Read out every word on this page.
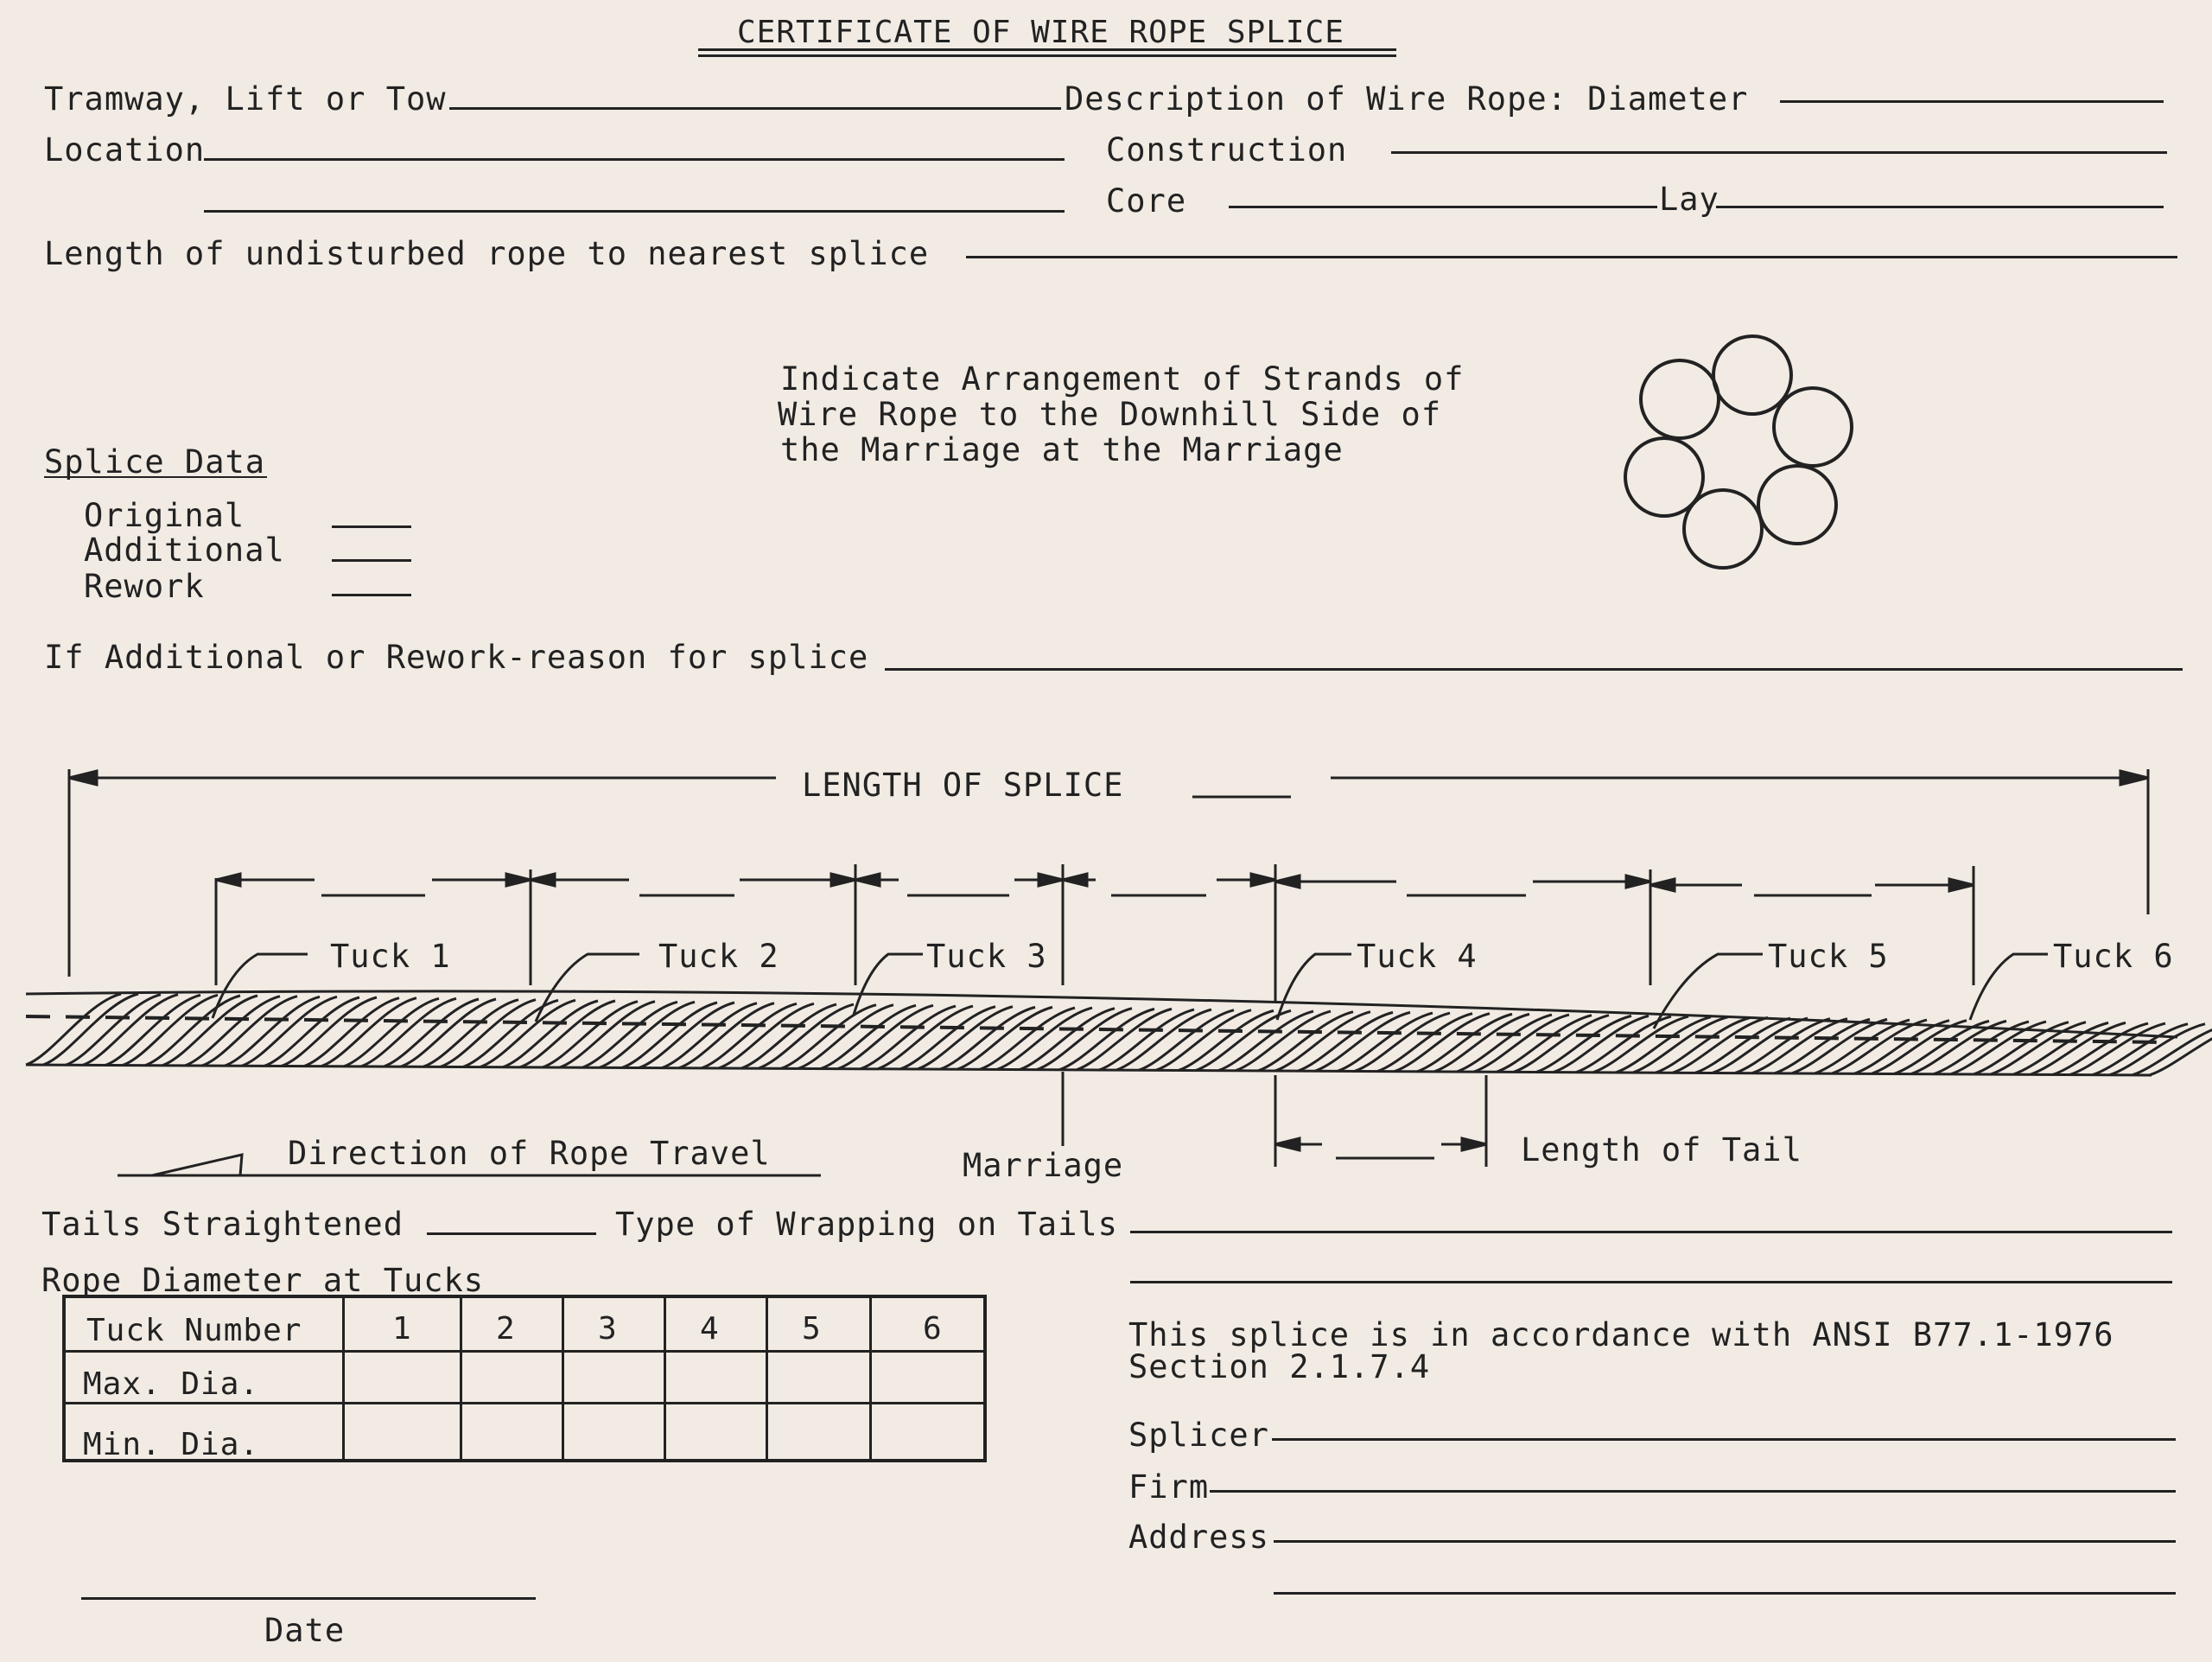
CERTIFICATE OF WIRE ROPE SPLICE
Tramway, Lift or Tow	Description of Wire Rope: Diameter
Location	Construction
Core	Lay
Length of undisturbed rope to nearest splice
Indicate Arrangement of Strands of
Wire Rope to the Downhill Side of
the Marriage at the Marriage
Splice Data
Original
Additional
Rework
If Additional or Rework-reason for splice
LENGTH OF SPLICE
Tuck 1	Tuck 2	Tuck 3	Tuck 4	Tuck 5	Tuck 6
Direction of Rope Travel	Marriage	Length of Tail
Tails Straightened	Type of Wrapping on Tails
Rope Diameter at Tucks
This splice is in accordance with ANSI B77.1-1976
Section 2.1.7.4
Splicer
Firm
Address
Date
Tuck Number	1	2	3	4	5	6
Max. Dia.
Min. Dia.
